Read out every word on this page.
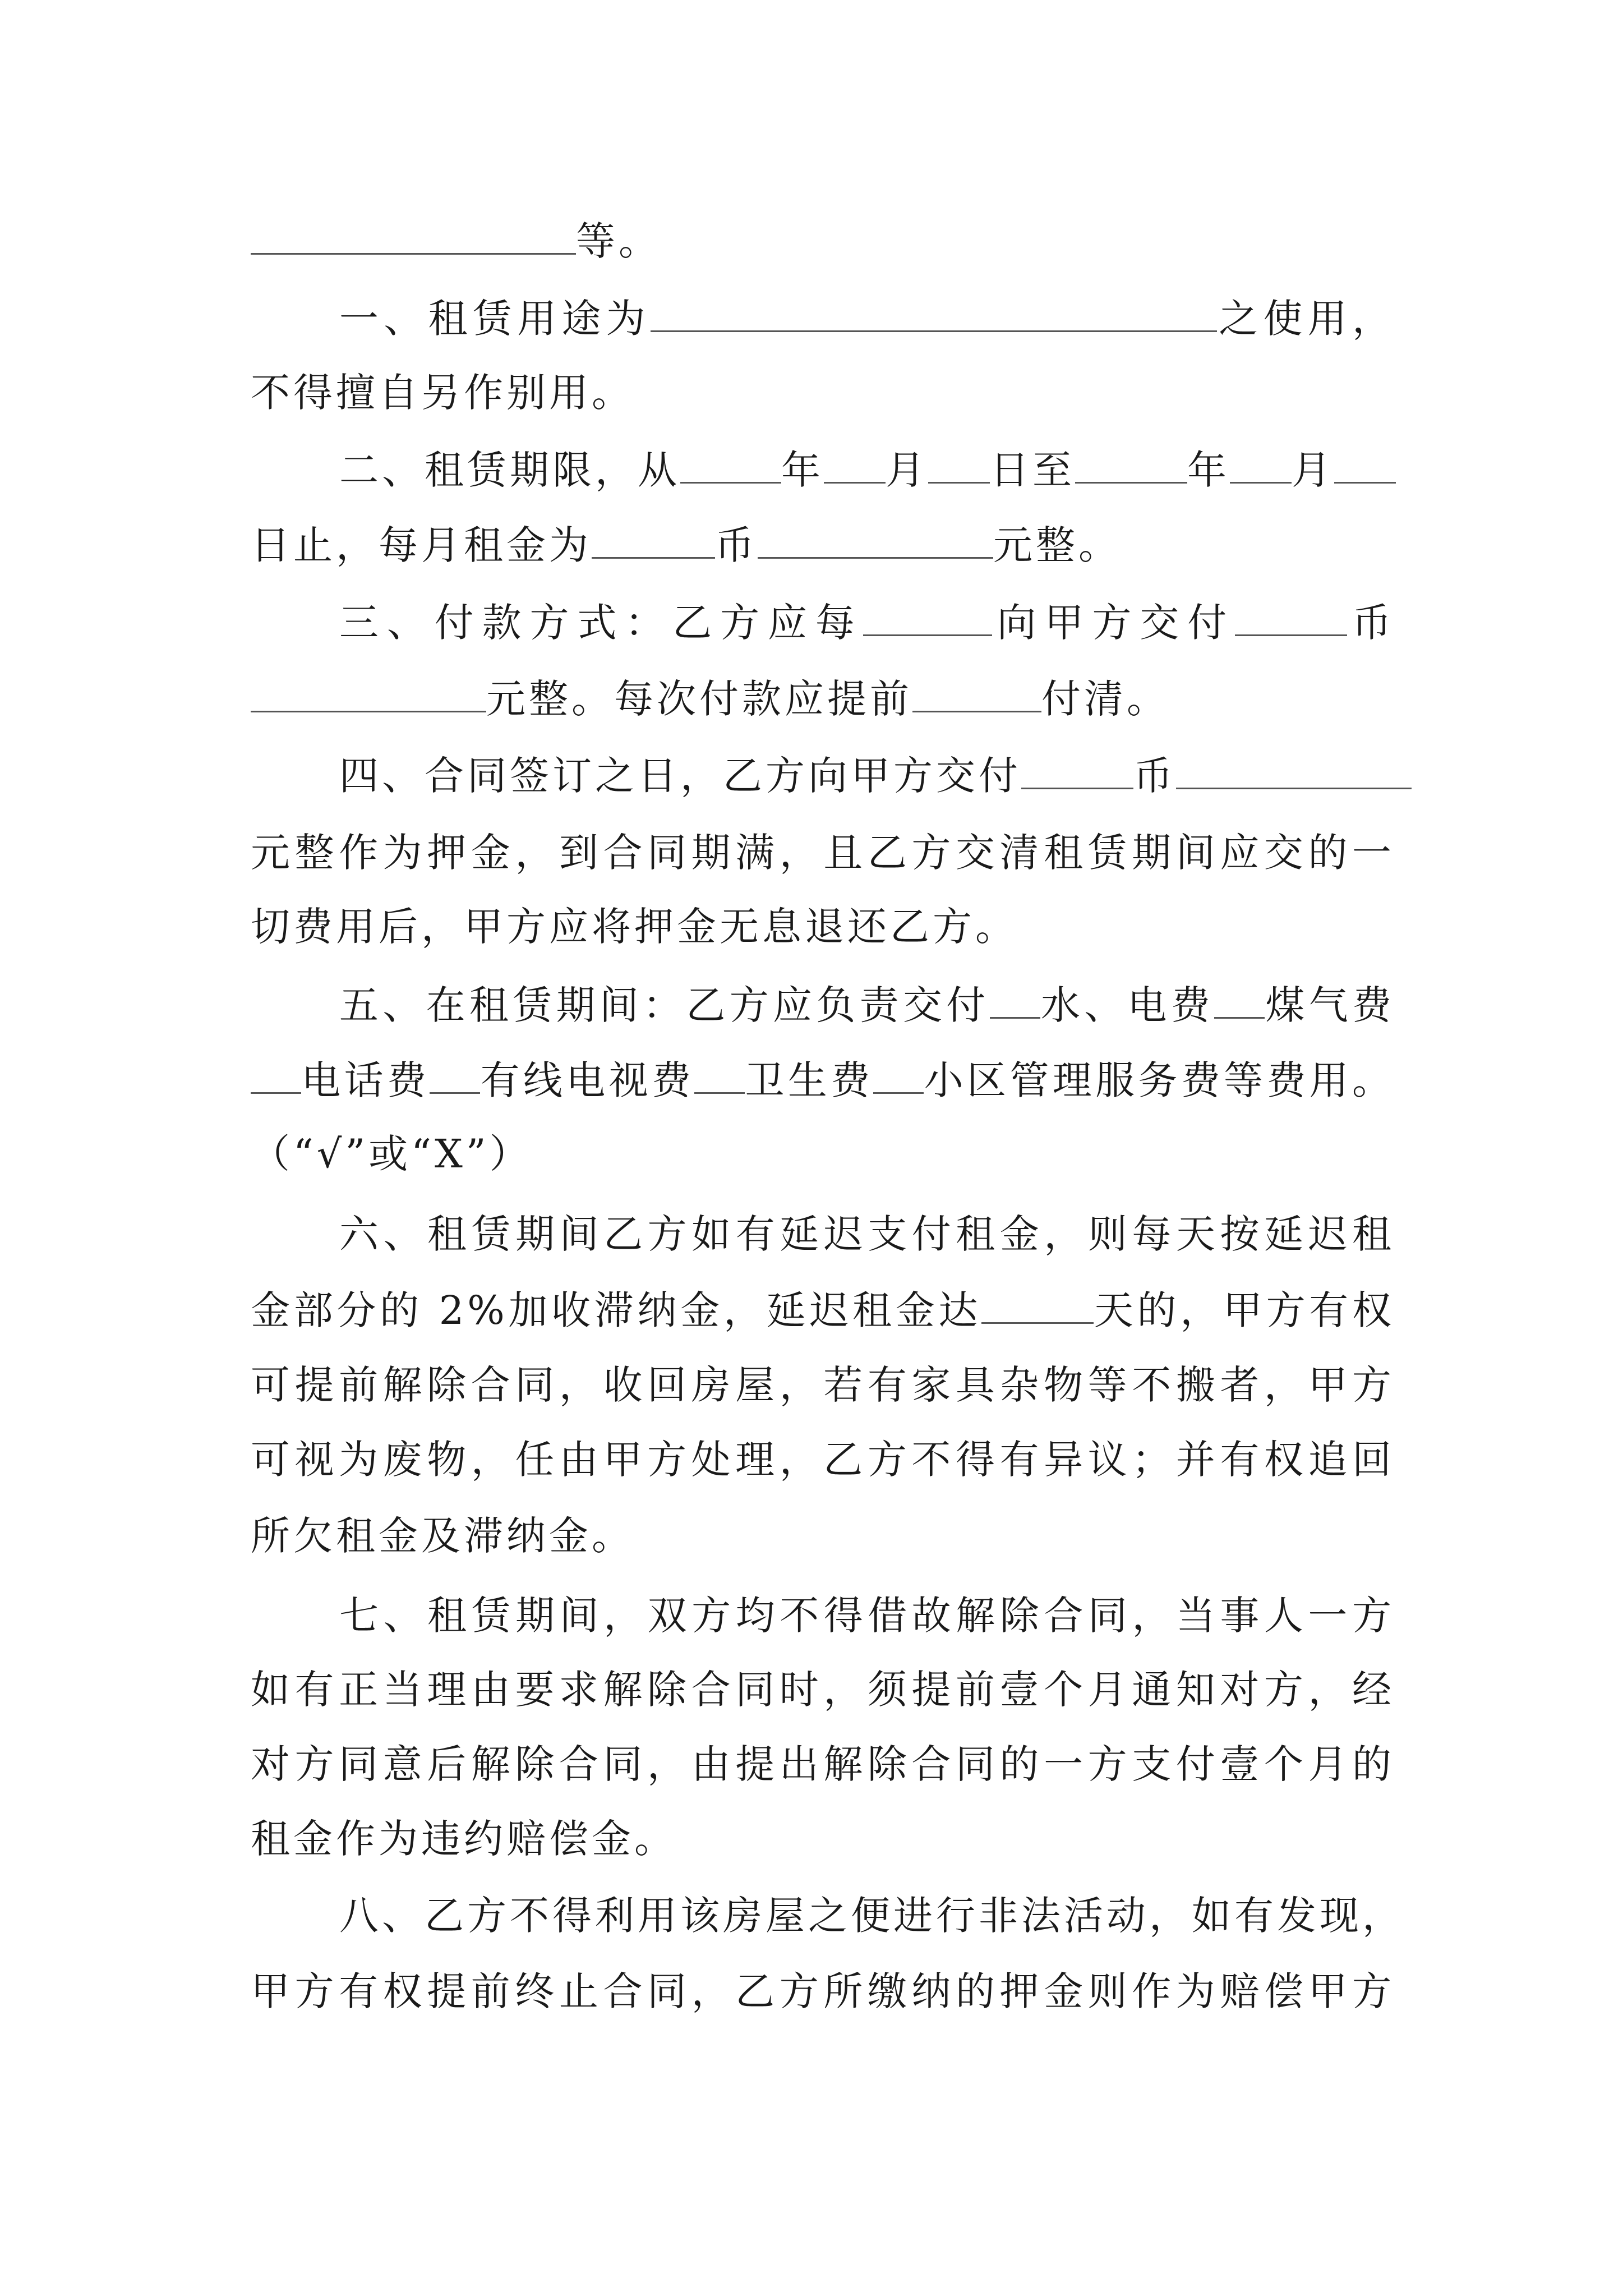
等。
一、租赁用途为	之使用，
不得擅自另作别用。
二、租赁期限，从	年 月 日至	年 月
日止，每月租金为	币	元整。
三、付款方式：乙方应每	向甲方交付	币
元整。每次付款应提前	付清。
四、合同签订之日，乙方向甲方交付	币
元整作为押金，到合同期满，且乙方交清租赁期间应交的一
切费用后，甲方应将押金无息退还乙方。
五、在租赁期间：乙方应负责交付 水、电费 煤气费
电话费 有线电视费 卫生费 小区管理服务费等费用。
（“√”或“X”）
六、租赁期间乙方如有延迟支付租金，则每天按延迟租
金部分的 2%加收滞纳金，延迟租金达	天的，甲方有权
可提前解除合同，收回房屋，若有家具杂物等不搬者，甲方
可视为废物，任由甲方处理，乙方不得有异议；并有权追回
所欠租金及滞纳金。
七、租赁期间，双方均不得借故解除合同，当事人一方
如有正当理由要求解除合同时，须提前壹个月通知对方，经
对方同意后解除合同，由提出解除合同的一方支付壹个月的
租金作为违约赔偿金。
八、乙方不得利用该房屋之便进行非法活动，如有发现，
甲方有权提前终止合同，乙方所缴纳的押金则作为赔偿甲方
